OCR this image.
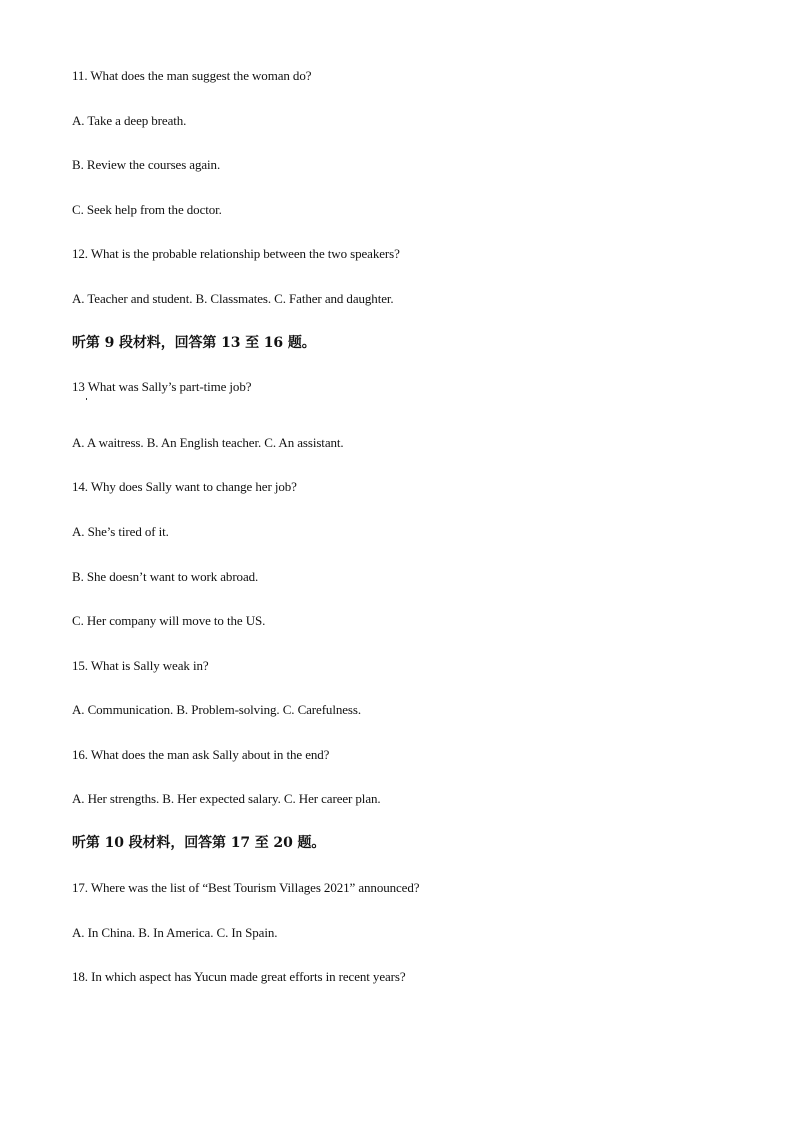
11. What does the man suggest the woman do?
A. Take a deep breath.
B. Review the courses again.
C. Seek help from the doctor.
12. What is the probable relationship between the two speakers?
A. Teacher and student. B. Classmates. C. Father and daughter.
听第 9 段材料，回答第 13 至 16 题。
13 What was Sally’s part-time job?
A. A waitress. B. An English teacher. C. An assistant.
14. Why does Sally want to change her job?
A. She’s tired of it.
B. She doesn’t want to work abroad.
C. Her company will move to the US.
15. What is Sally weak in?
A. Communication. B. Problem-solving. C. Carefulness.
16. What does the man ask Sally about in the end?
A. Her strengths. B. Her expected salary. C. Her career plan.
听第 10 段材料，回答第 17 至 20 题。
17. Where was the list of “Best Tourism Villages 2021” announced?
A. In China. B. In America. C. In Spain.
18. In which aspect has Yucun made great efforts in recent years?
